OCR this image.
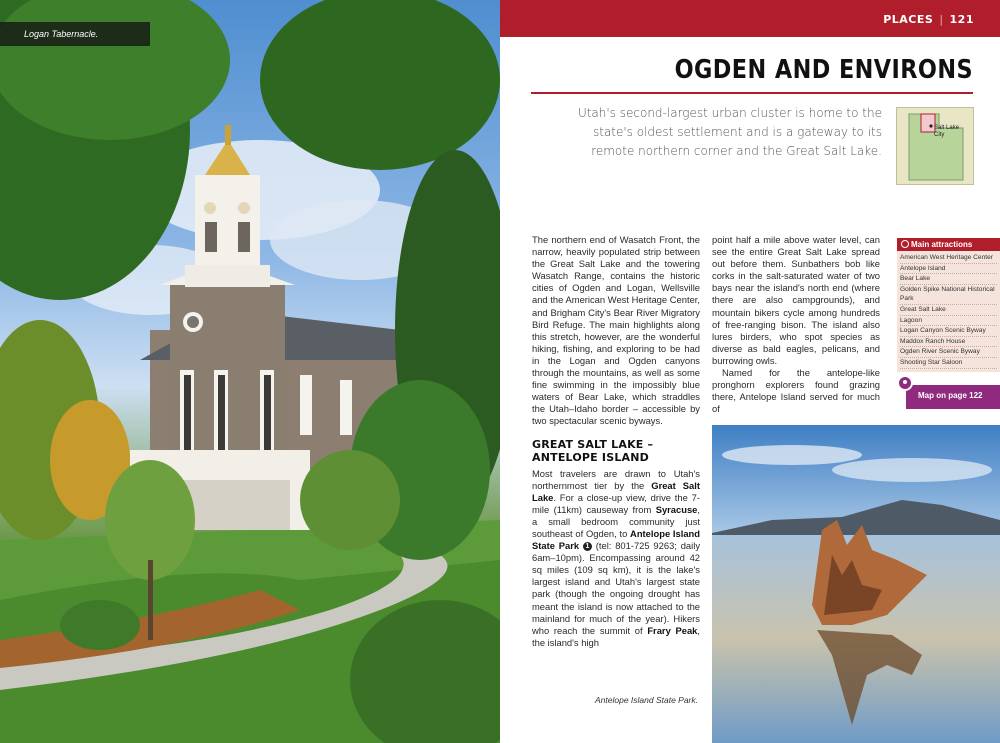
Logan Tabernacle.
PLACES | 121
OGDEN AND ENVIRONS
Utah's second-largest urban cluster is home to the state's oldest settlement and is a gateway to its remote northern corner and the Great Salt Lake.
Salt Lake
City

The northern end of Wasatch Front, the narrow, heavily populated strip between the Great Salt Lake and the towering Wasatch Range, contains the historic cities of Ogden and Logan, Wellsville and the American West Heritage Center, and Brigham City's Bear River Migratory Bird Refuge. The main highlights along this stretch, however, are the wonderful hiking, fishing, and exploring to be had in the Logan and Ogden canyons through the mountains, as well as some fine swimming in the impossibly blue waters of Bear Lake, which straddles the Utah–Idaho border – accessible by two spectacular scenic byways.

GREAT SALT LAKE – ANTELOPE ISLAND

Most travelers are drawn to Utah's northernmost tier by the Great Salt Lake. For a close-up view, drive the 7-mile (11km) causeway from Syracuse, a small bedroom community just southeast of Ogden, to Antelope Island State Park 1 (tel: 801-725 9263; daily 6am–10pm). Encompassing around 42 sq miles (109 sq km), it is the lake's largest island and Utah's largest state park (though the ongoing drought has meant the island is now attached to the mainland for much of the year). Hikers who reach the summit of Frary Peak, the island's high

point half a mile above water level, can see the entire Great Salt Lake spread out before them. Sunbathers bob like corks in the salt-saturated water of two bays near the island's north end (where there are also campgrounds), and mountain bikers cycle among hundreds of free-ranging bison. The island also lures birders, who spot species as diverse as bald eagles, pelicans, and burrowing owls.

Named for the antelope-like pronghorn explorers found grazing there, Antelope Island served for much of

Main attractions
American West Heritage Center
Antelope Island
Bear Lake
Golden Spike National Historical Park
Great Salt Lake
Lagoon
Logan Canyon Scenic Byway
Maddox Ranch House
Ogden River Scenic Byway
Shooting Star Saloon
Map on page 122
Antelope Island State Park.
